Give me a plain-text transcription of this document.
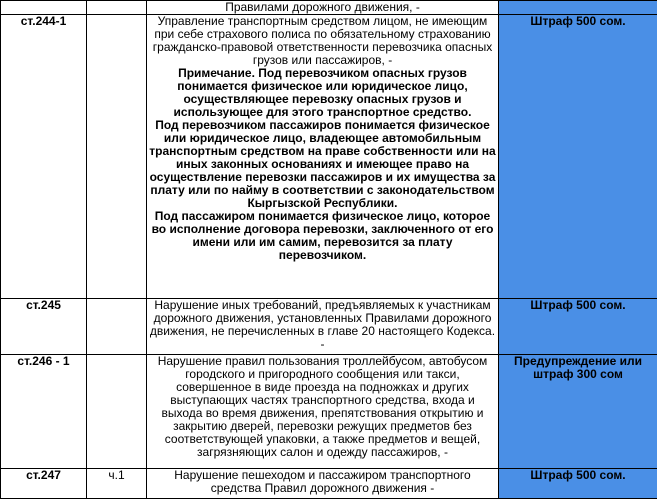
		Правилами дорожного движения, -	
ст.244-1		Управление транспортным средством лицом, не имеющим при себе страхового полиса по обязательному страхованию гражданско-правовой ответственности перевозчика опасных грузов или пассажиров, -
Примечание. Под перевозчиком опасных грузов понимается физическое или юридическое лицо, осуществляющее перевозку опасных грузов и использующее для этого транспортное средство.
Под перевозчиком пассажиров понимается физическое или юридическое лицо, владеющее автомобильным транспортным средством на праве собственности или на иных законных основаниях и имеющее право на осуществление перевозки пассажиров и их имущества за плату или по найму в соответствии с законодательством Кыргызской Республики.
Под пассажиром понимается физическое лицо, которое во исполнение договора перевозки, заключенного от его имени или им самим, перевозится за плату перевозчиком.	Штраф 500 сом.
ст.245		Нарушение иных требований, предъявляемых к участникам дорожного движения, установленных Правилами дорожного движения, не перечисленных в главе 20 настоящего Кодекса. -	Штраф 500 сом.
ст.246 - 1		Нарушение правил пользования троллейбусом, автобусом городского и пригородного сообщения или такси, совершенное в виде проезда на подножках и других выступающих частях транспортного средства, входа и выхода во время движения, препятствования открытию и закрытию дверей, перевозки режущих предметов без соответствующей упаковки, а также предметов и вещей, загрязняющих салон и одежду пассажиров, -	Предупреждение или штраф 300 сом
ст.247	ч.1	Нарушение пешеходом и пассажиром транспортного средства Правил дорожного движения -	Штраф 500 сом.
